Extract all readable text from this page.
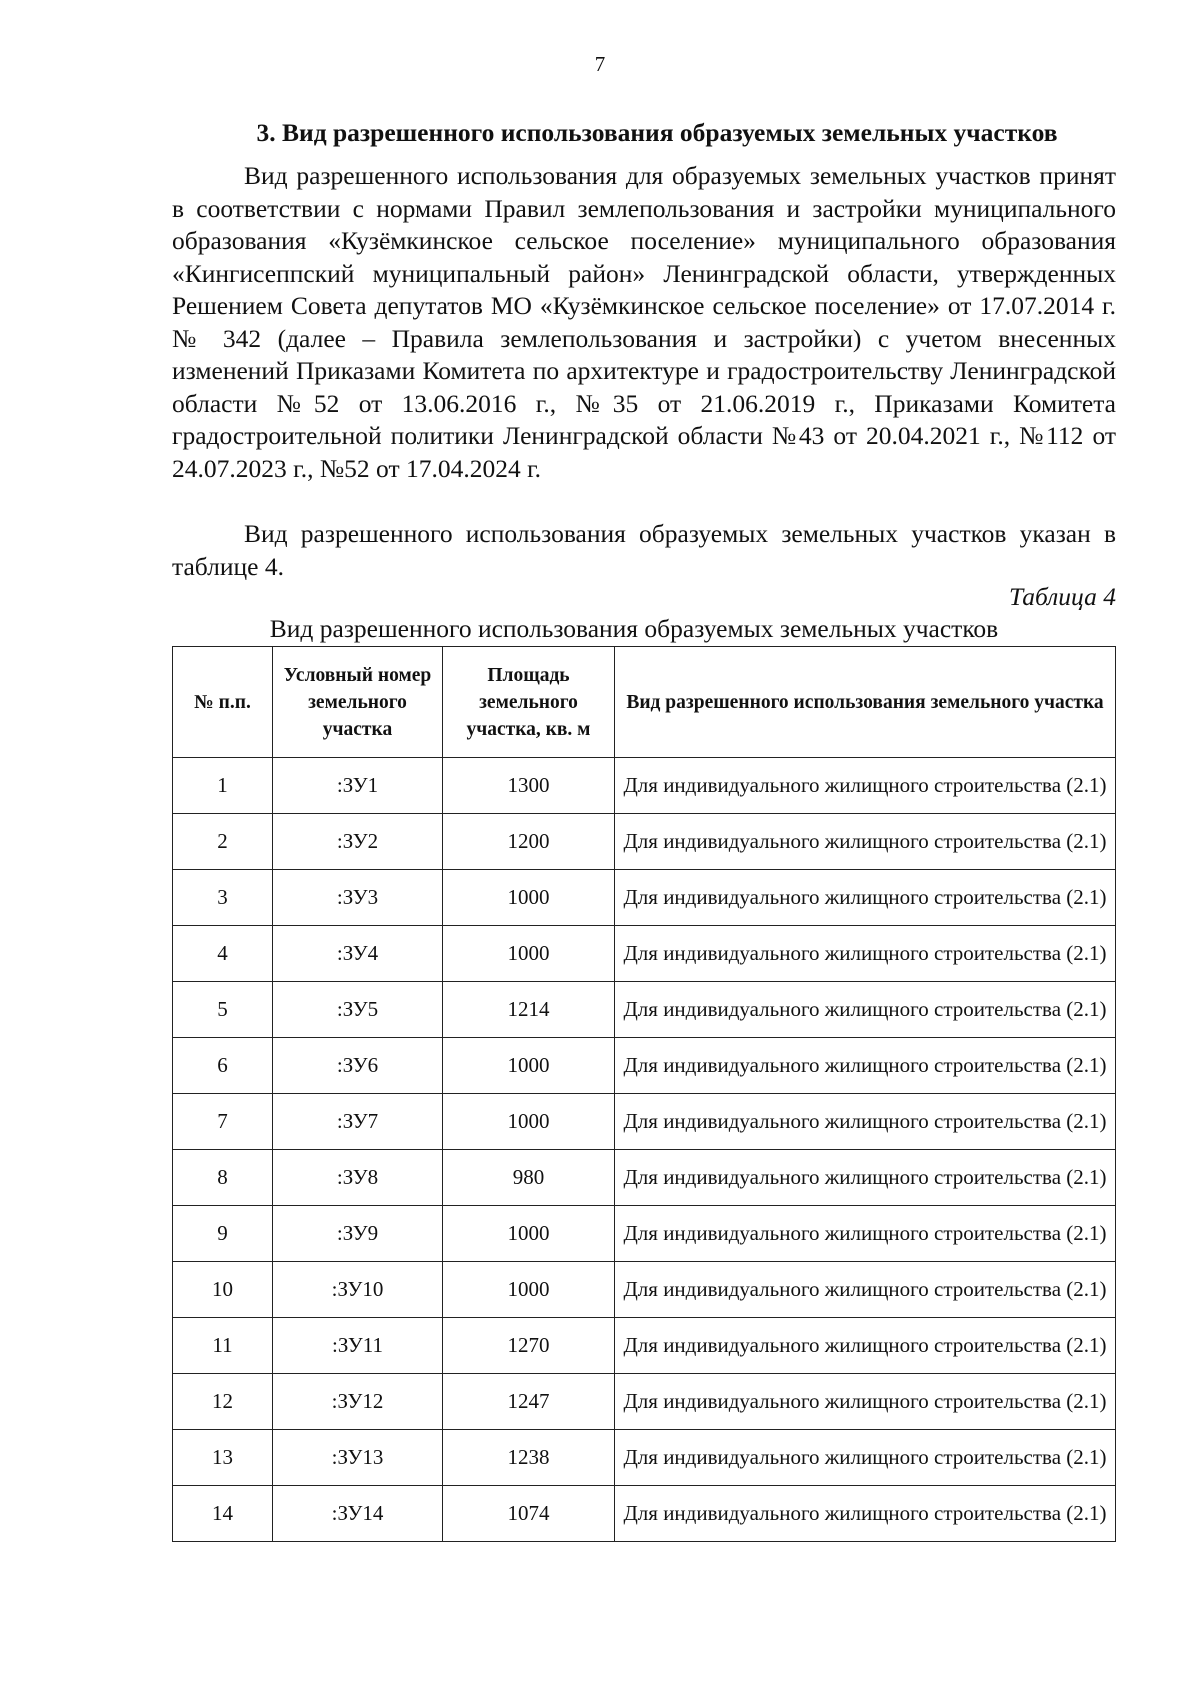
7
3. Вид разрешенного использования образуемых земельных участков

Вид разрешенного использования для образуемых земельных участков принят в соответствии с нормами Правил землепользования и застройки муниципального образования «Кузёмкинское сельское поселение» муниципального образования «Кингисеппский муниципальный район» Ленинградской области, утвержденных Решением Совета депутатов МО «Кузёмкинское сельское поселение» от 17.07.2014 г. № 342 (далее – Правила землепользования и застройки) с учетом внесенных изменений Приказами Комитета по архитектуре и градостроительству Ленинградской области №52 от 13.06.2016 г., №35 от 21.06.2019 г., Приказами Комитета градостроительной политики Ленинградской области №43 от 20.04.2021 г., №112 от 24.07.2023 г., №52 от 17.04.2024 г.

Вид разрешенного использования образуемых земельных участков указан в таблице 4.

Таблица 4
Вид разрешенного использования образуемых земельных участков
№ п.п.	Условный номер земельного участка	Площадь земельного участка, кв. м	Вид разрешенного использования земельного участка
1	:ЗУ1	1300	Для индивидуального жилищного строительства (2.1)
2	:ЗУ2	1200	Для индивидуального жилищного строительства (2.1)
3	:ЗУ3	1000	Для индивидуального жилищного строительства (2.1)
4	:ЗУ4	1000	Для индивидуального жилищного строительства (2.1)
5	:ЗУ5	1214	Для индивидуального жилищного строительства (2.1)
6	:ЗУ6	1000	Для индивидуального жилищного строительства (2.1)
7	:ЗУ7	1000	Для индивидуального жилищного строительства (2.1)
8	:ЗУ8	980	Для индивидуального жилищного строительства (2.1)
9	:ЗУ9	1000	Для индивидуального жилищного строительства (2.1)
10	:ЗУ10	1000	Для индивидуального жилищного строительства (2.1)
11	:ЗУ11	1270	Для индивидуального жилищного строительства (2.1)
12	:ЗУ12	1247	Для индивидуального жилищного строительства (2.1)
13	:ЗУ13	1238	Для индивидуального жилищного строительства (2.1)
14	:ЗУ14	1074	Для индивидуального жилищного строительства (2.1)
